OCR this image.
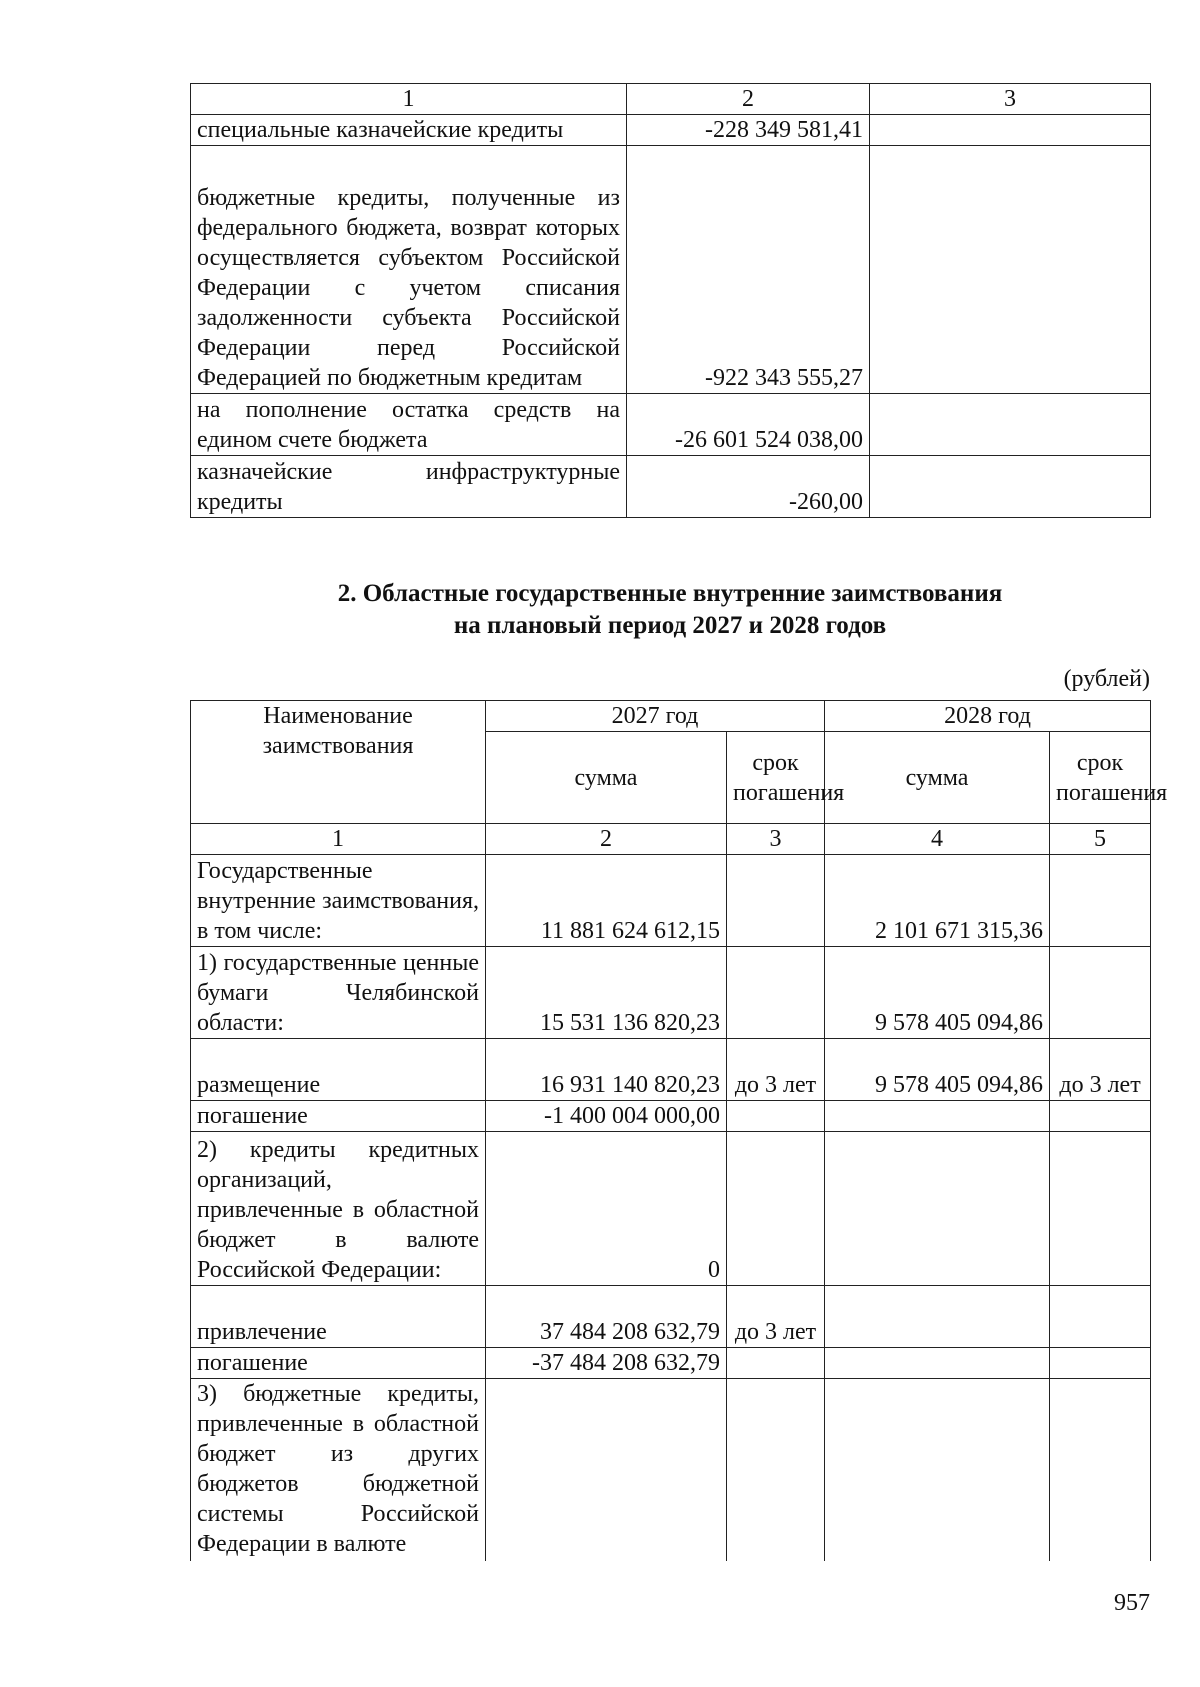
1	2	3
специальные казначейские кредиты	-228 349 581,41	
бюджетные кредиты, полученные из федерального бюджета, возврат которых осуществляется субъектом Российской Федерации с учетом списания задолженности субъекта Российской Федерации перед Российской Федерацией по бюджетным кредитам	-922 343 555,27	
на пополнение остатка средств на едином счете бюджета	-26 601 524 038,00	
казначейские инфраструктурные кредиты	-260,00	
2. Областные государственные внутренние заимствования
на плановый период 2027 и 2028 годов
(рублей)
Наименование заимствования	2027 год		2028 год	
	сумма	срок погашения	сумма	срок погашения
1	2	3	4	5
Государственные внутренние заимствования, в том числе:	11 881 624 612,15		2 101 671 315,36	
1) государственные ценные бумаги Челябинской области:	15 531 136 820,23		9 578 405 094,86	
размещение	16 931 140 820,23	до 3 лет	9 578 405 094,86	до 3 лет
погашение	-1 400 004 000,00			
2) кредиты кредитных организаций, привлеченные в областной бюджет в валюте Российской Федерации:	0			
привлечение	37 484 208 632,79	до 3 лет		
погашение	-37 484 208 632,79			
3) бюджетные кредиты, привлеченные в областной бюджет из других бюджетов бюджетной системы Российской Федерации в валюте				
957
